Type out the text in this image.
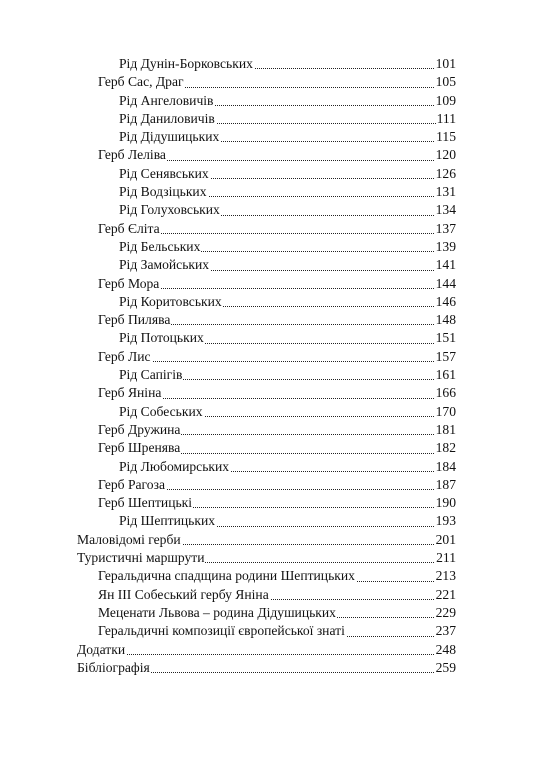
Рід Дунін-Борковських	101
Герб Сас, Драг	105
Рід Ангеловичів	109
Рід Даниловичів	111
Рід Дідушицьких	115
Герб Леліва	120
Рід Сенявських	126
Рід Водзіцьких	131
Рід Голуховських	134
Герб Єліта	137
Рід Бельських	139
Рід Замойських	141
Герб Мора	144
Рід Коритовських	146
Герб Пилява	148
Рід Потоцьких	151
Герб Лис	157
Рід Сапігів	161
Герб Яніна	166
Рід Собеських	170
Герб Дружина	181
Герб Шренява	182
Рід Любомирських	184
Герб Рагоза	187
Герб Шептицькі	190
Рід Шептицьких	193
Маловідомі герби	201
Туристичні маршрути	211
Геральдична спадщина родини Шептицьких	213
Ян ІІІ Собеський гербу Яніна	221
Меценати Львова – родина Дідушицьких	229
Геральдичні композиції європейської знаті	237
Додатки	248
Бібліографія	259
